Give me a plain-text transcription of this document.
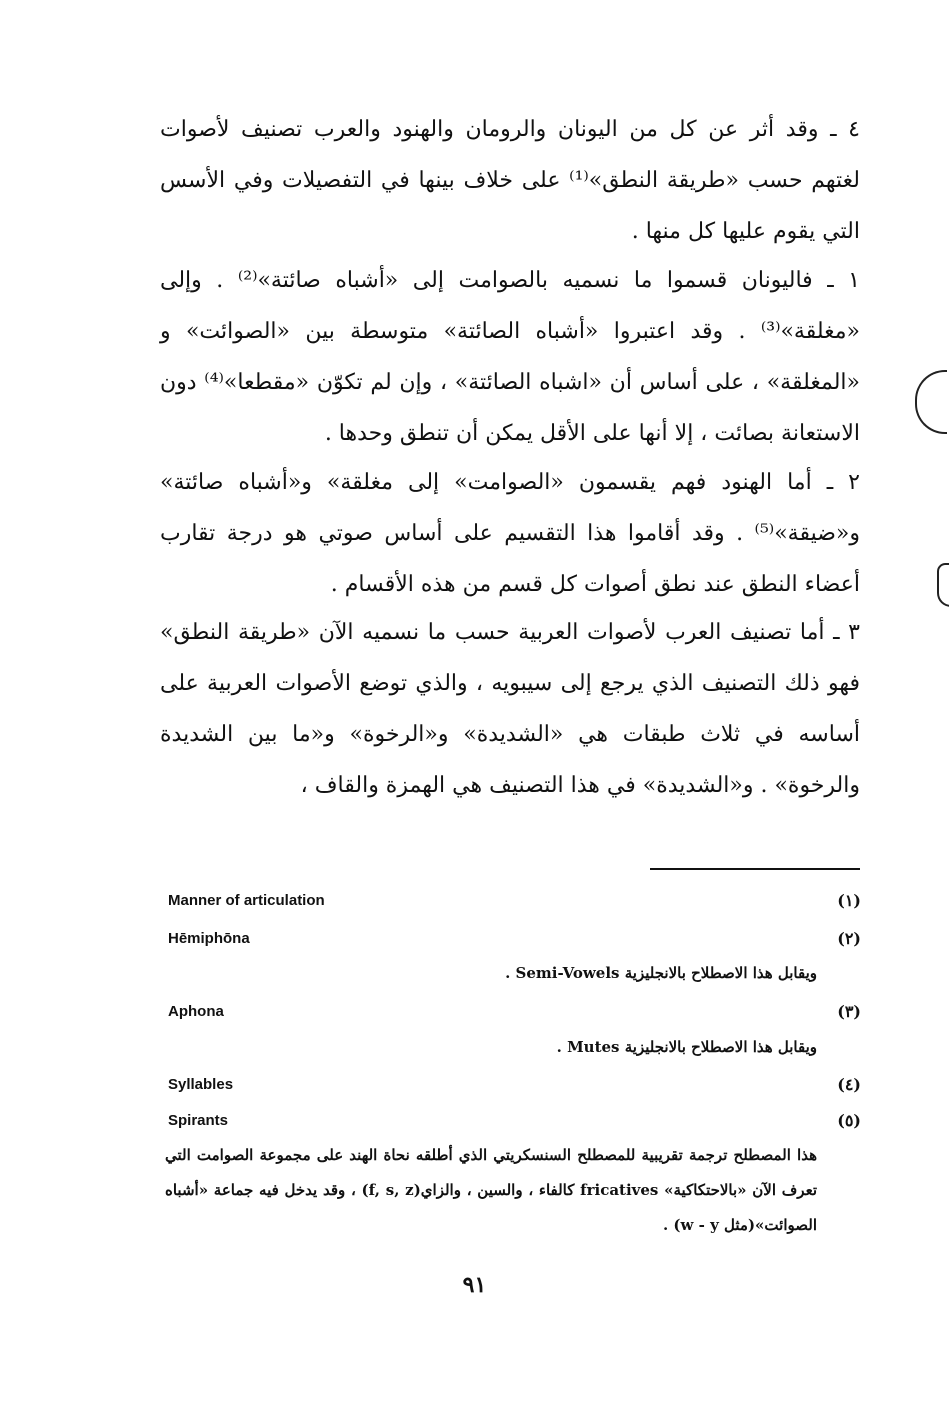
٤ ـ وقد أثر عن كل من اليونان والرومان والهنود والعرب تصنيف لأصوات لغتهم حسب «طريقة النطق»⁽¹⁾ على خلاف بينها في التفصيلات وفي الأسس التي يقوم عليها كل منها .

١ ـ فاليونان قسموا ما نسميه بالصوامت إلى «أشباه صائتة»⁽²⁾ . وإلى «مغلقة»⁽³⁾ . وقد اعتبروا «أشباه الصائتة» متوسطة بين «الصوائت» و «المغلقة» ، على أساس أن «اشباه الصائتة» ، وإن لم تكوّن «مقطعا»⁽⁴⁾ دون الاستعانة بصائت ، إلا أنها على الأقل يمكن أن تنطق وحدها .

٢ ـ أما الهنود فهم يقسمون «الصوامت» إلى مغلقة» و«أشباه صائتة» و«ضيقة»⁽⁵⁾ . وقد أقاموا هذا التقسيم على أساس صوتي هو درجة تقارب أعضاء النطق عند نطق أصوات كل قسم من هذه الأقسام .

٣ ـ أما تصنيف العرب لأصوات العربية حسب ما نسميه الآن «طريقة النطق» فهو ذلك التصنيف الذي يرجع إلى سيبويه ، والذي توضع الأصوات العربية على أساسه في ثلاث طبقات هي «الشديدة» و«الرخوة» و«ما بين الشديدة والرخوة» . و«الشديدة» في هذا التصنيف هي الهمزة والقاف ،

Manner of articulation	(١)
Hēmiphōna	(٢)
ويقابل هذا الاصطلاح بالانجليزية Semi-Vowels .
Aphona	(٣)
ويقابل هذا الاصطلاح بالانجليزية Mutes .
Syllables	(٤)
Spirants	(٥)

هذا المصطلح ترجمة تقريبية للمصطلح السنسكريتي الذي أطلقه نحاة الهند على مجموعة الصوامت التي تعرف الآن «بالاحتكاكية» fricatives كالفاء ، والسين ، والزاي(f, s, z) ، وقد يدخل فيه جماعة «أشباه الصوائت»(مثل w - y) .

٩١
